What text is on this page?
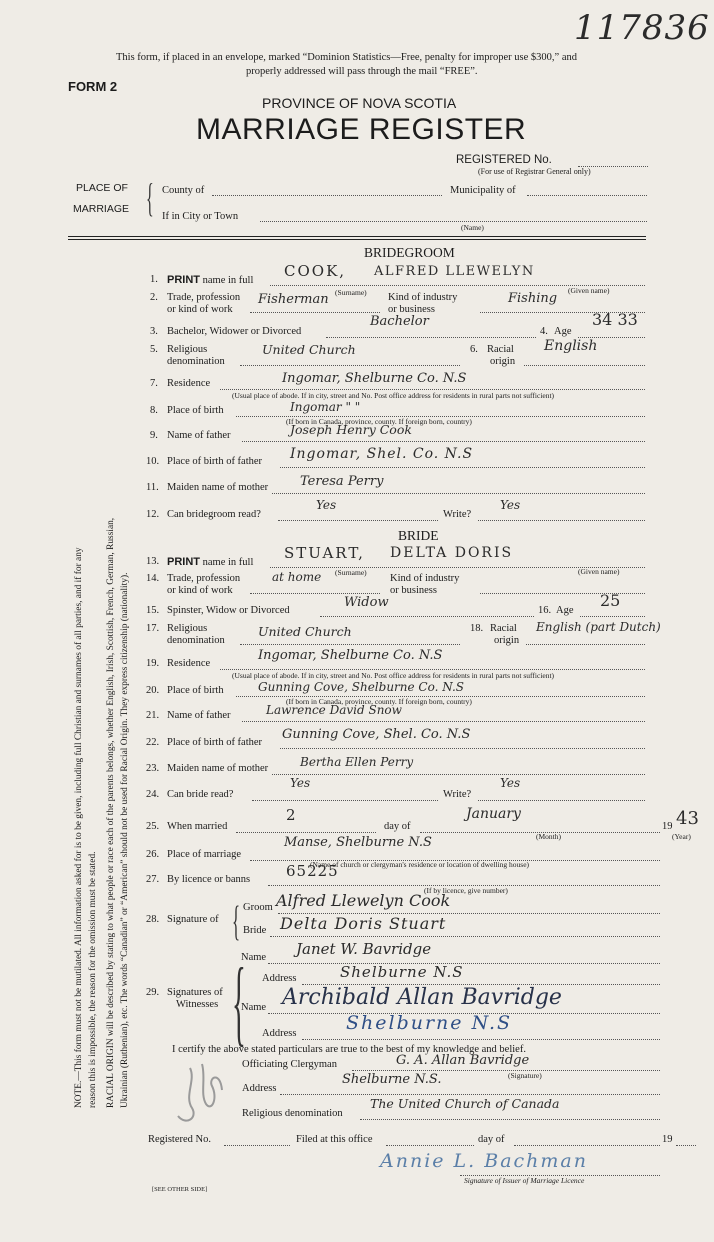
117836
This form, if placed in an envelope, marked “Dominion Statistics—Free, penalty for improper use $300,” and
properly addressed will pass through the mail “FREE”.
FORM 2
PROVINCE OF NOVA SCOTIA
MARRIAGE REGISTER
REGISTERED No.
(For use of Registrar General only)
PLACE OF
MARRIAGE { County of	Municipality of
If in City or Town
(Name)
NOTE.—This form must not be mutilated. All information asked for is to be given, including full Christian and surnames of all parties, and if for any reason this is impossible, the reason for the omission must be stated. RACIAL ORIGIN will be described by stating to what people or race each of the parents belongs, whether English, Irish, Scottish, French, German, Russian, Ukrainian (Ruthenian), etc. The words “Canadian” or “American” should not be used for Racial Origin. They express citizenship (nationality).
BRIDEGROOM
1. PRINT name in full
COOK, ALFRED LLEWELYN
(Surname)	(Given name)
2. Trade, profession
or kind of work
Fisherman	Kind of industry
or business
Fishing
3. Bachelor, Widower or Divorced
Bachelor
4. Age
34 33
5. Religious
denomination
United Church	6. Racial
origin
English
7. Residence	Ingomar, Shelburne Co. N.S
(Usual place of abode. If in city, street and No. Post office address for residents in rural parts not sufficient)
8. Place of birth	Ingomar " "
(If born in Canada, province, county. If foreign born, country)
9. Name of father	Joseph Henry Cook
10. Place of birth of father Ingomar, Shel. Co. N.S
11. Maiden name of mother Teresa Perry
12. Can bridegroom read?
Yes
Write?
Yes
BRIDE
13. PRINT name in full
STUART, DELTA DORIS
(Surname)	(Given name)
14. Trade, profession
or kind of work
at home	Kind of industry
or business
15. Spinster, Widow or Divorced
Widow
16. Age
25
17. Religious
denomination
United Church	18. Racial
origin
English (part Dutch)
19. Residence
Ingomar, Shelburne Co. N.S
(Usual place of abode. If in city, street and No. Post office address for residents in rural parts not sufficient)
20. Place of birth	Gunning Cove, Shelburne Co. N.S
(If born in Canada, province, county. If foreign born, country)
21. Name of father	Lawrence David Snow
22. Place of birth of father
Gunning Cove, Shel. Co. N.S
23. Maiden name of mother	Bertha Ellen Perry
24. Can bride read?
Yes
Write?
Yes
25. When married
2
day of
January
(Month)
19 43
(Year)
26. Place of marriage
Manse, Shelburne N.S
(Name of church or clergyman's residence or location of dwelling house)
27. By licence or banns 65225
(If by licence, give number)
28. Signature of { Groom Alfred Llewelyn Cook
Bride Delta Doris Stuart
29. Signatures of
Witnesses {
Name Janet W. Bavridge
Address	Shelburne N.S
Name Archibald Allan Bavridge
Address	Shelburne N.S
I certify the above stated particulars are true to the best of my knowledge and belief.
Officiating Clergyman	G. A. Allan Bavridge
(Signature)
Address
Shelburne N.S.
Religious denomination
The United Church of Canada
Registered No.	Filed at this office	day of	19
Annie L. Bachman
Signature of Issuer of Marriage Licence
[SEE OTHER SIDE]
